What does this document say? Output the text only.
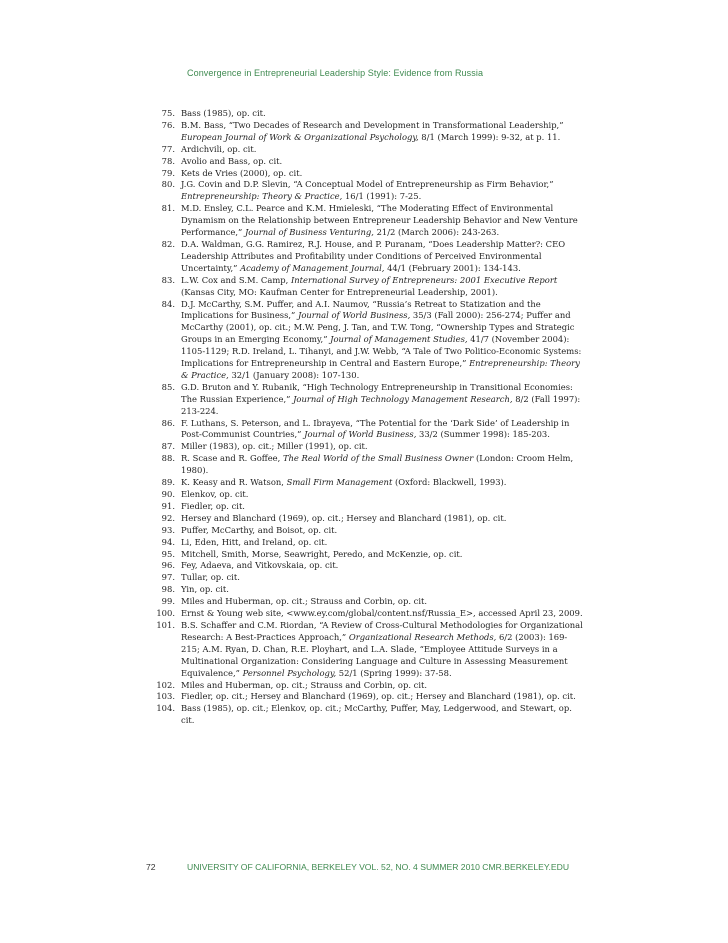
Convergence in Entrepreneurial Leadership Style: Evidence from Russia
75. Bass (1985), op. cit.
76. B.M. Bass, “Two Decades of Research and Development in Transformational Leadership,” European Journal of Work & Organizational Psychology, 8/1 (March 1999): 9-32, at p. 11.
77. Ardichvili, op. cit.
78. Avolio and Bass, op. cit.
79. Kets de Vries (2000), op. cit.
80. J.G. Covin and D.P. Slevin, “A Conceptual Model of Entrepreneurship as Firm Behavior,” Entrepreneurship: Theory & Practice, 16/1 (1991): 7-25.
81. M.D. Ensley, C.L. Pearce and K.M. Hmieleski, “The Moderating Effect of Environmental Dynamism on the Relationship between Entrepreneur Leadership Behavior and New Venture Performance,” Journal of Business Venturing, 21/2 (March 2006): 243-263.
82. D.A. Waldman, G.G. Ramirez, R.J. House, and P. Puranam, “Does Leadership Matter?: CEO Leadership Attributes and Profitability under Conditions of Perceived Environmental Uncertainty,” Academy of Management Journal, 44/1 (February 2001): 134-143.
83. L.W. Cox and S.M. Camp, International Survey of Entrepreneurs: 2001 Executive Report (Kansas City, MO: Kaufman Center for Entrepreneurial Leadership, 2001).
84. D.J. McCarthy, S.M. Puffer, and A.I. Naumov, “Russia’s Retreat to Statization and the Implications for Business,” Journal of World Business, 35/3 (Fall 2000): 256-274; Puffer and McCarthy (2001), op. cit.; M.W. Peng, J. Tan, and T.W. Tong, “Ownership Types and Strategic Groups in an Emerging Economy,” Journal of Management Studies, 41/7 (November 2004): 1105-1129; R.D. Ireland, L. Tihanyi, and J.W. Webb, “A Tale of Two Politico-Economic Systems: Implications for Entrepreneurship in Central and Eastern Europe,” Entrepreneurship: Theory & Practice, 32/1 (January 2008): 107-130.
85. G.D. Bruton and Y. Rubanik, “High Technology Entrepreneurship in Transitional Economies: The Russian Experience,” Journal of High Technology Management Research, 8/2 (Fall 1997): 213-224.
86. F. Luthans, S. Peterson, and L. Ibrayeva, “The Potential for the ‘Dark Side’ of Leadership in Post-Communist Countries,” Journal of World Business, 33/2 (Summer 1998): 185-203.
87. Miller (1983), op. cit.; Miller (1991), op. cit.
88. R. Scase and R. Goffee, The Real World of the Small Business Owner (London: Croom Helm, 1980).
89. K. Keasy and R. Watson, Small Firm Management (Oxford: Blackwell, 1993).
90. Elenkov, op. cit.
91. Fiedler, op. cit.
92. Hersey and Blanchard (1969), op. cit.; Hersey and Blanchard (1981), op. cit.
93. Puffer, McCarthy, and Boisot, op. cit.
94. Li, Eden, Hitt, and Ireland, op. cit.
95. Mitchell, Smith, Morse, Seawright, Peredo, and McKenzie, op. cit.
96. Fey, Adaeva, and Vitkovskaia, op. cit.
97. Tullar, op. cit.
98. Yin, op. cit.
99. Miles and Huberman, op. cit.; Strauss and Corbin, op. cit.
100. Ernst & Young web site, <www.ey.com/global/content.nsf/Russia_E>, accessed April 23, 2009.
101. B.S. Schaffer and C.M. Riordan, “A Review of Cross-Cultural Methodologies for Organizational Research: A Best-Practices Approach,” Organizational Research Methods, 6/2 (2003): 169-215; A.M. Ryan, D. Chan, R.E. Ployhart, and L.A. Slade, “Employee Attitude Surveys in a Multinational Organization: Considering Language and Culture in Assessing Measurement Equivalence,” Personnel Psychology, 52/1 (Spring 1999): 37-58.
102. Miles and Huberman, op. cit.; Strauss and Corbin, op. cit.
103. Fiedler, op. cit.; Hersey and Blanchard (1969), op. cit.; Hersey and Blanchard (1981), op. cit.
104. Bass (1985), op. cit.; Elenkov, op. cit.; McCarthy, Puffer, May, Ledgerwood, and Stewart, op. cit.
72	UNIVERSITY OF CALIFORNIA, BERKELEY VOL. 52, NO. 4 SUMMER 2010 CMR.BERKELEY.EDU
